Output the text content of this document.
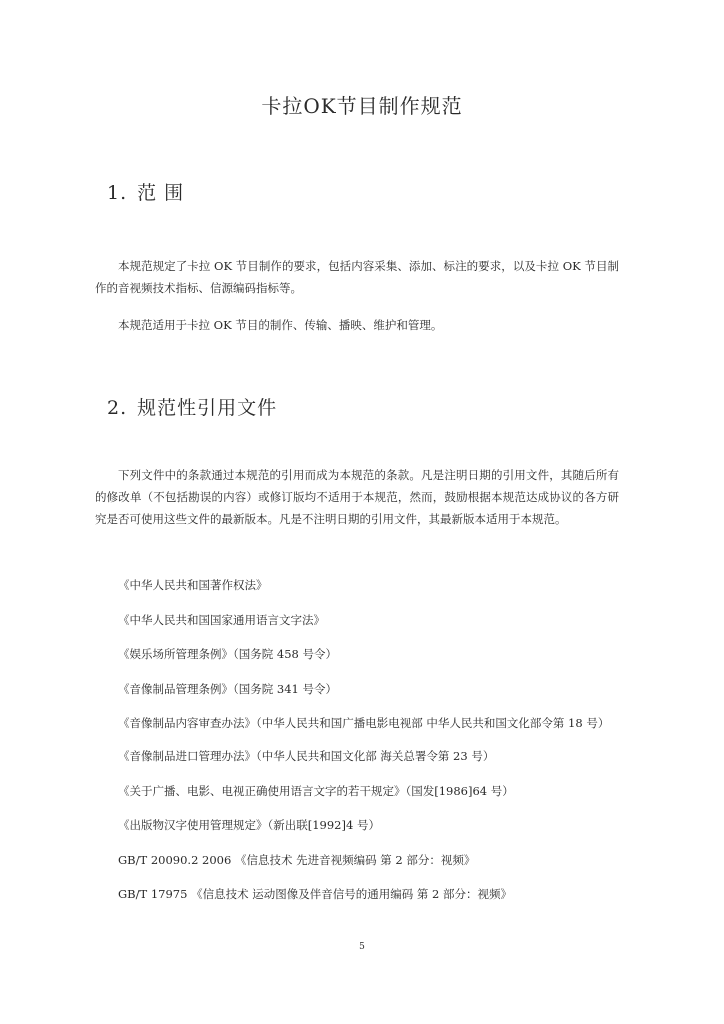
卡拉OK节目制作规范
1. 范 围

本规范规定了卡拉 OK 节目制作的要求，包括内容采集、添加、标注的要求，以及卡拉 OK 节目制作的音视频技术指标、信源编码指标等。

本规范适用于卡拉 OK 节目的制作、传输、播映、维护和管理。

2. 规范性引用文件

下列文件中的条款通过本规范的引用而成为本规范的条款。凡是注明日期的引用文件，其随后所有的修改单（不包括勘误的内容）或修订版均不适用于本规范，然而，鼓励根据本规范达成协议的各方研究是否可使用这些文件的最新版本。凡是不注明日期的引用文件，其最新版本适用于本规范。

《中华人民共和国著作权法》
《中华人民共和国国家通用语言文字法》
《娱乐场所管理条例》（国务院 458 号令）
《音像制品管理条例》（国务院 341 号令）
《音像制品内容审查办法》（中华人民共和国广播电影电视部 中华人民共和国文化部令第 18 号）
《音像制品进口管理办法》（中华人民共和国文化部 海关总署令第 23 号）
《关于广播、电影、电视正确使用语言文字的若干规定》（国发[1986]64 号）
《出版物汉字使用管理规定》（新出联[1992]4 号）
GB/T 20090.2 2006 《信息技术 先进音视频编码 第 2 部分：视频》
GB/T 17975 《信息技术 运动图像及伴音信号的通用编码 第 2 部分：视频》
5
